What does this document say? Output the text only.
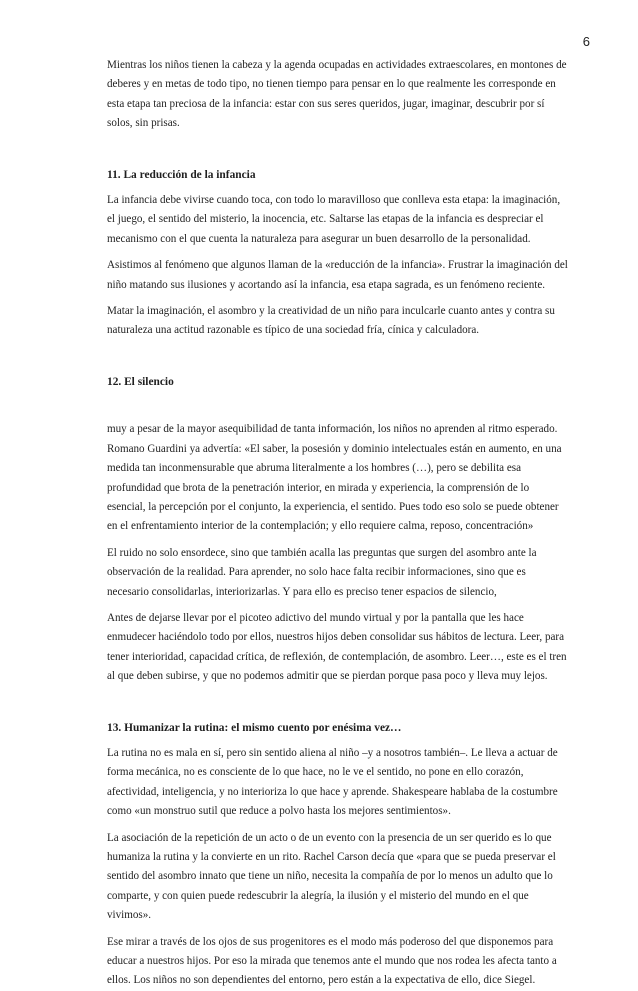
6

Mientras los niños tienen la cabeza y la agenda ocupadas en actividades extraescolares, en montones de deberes y en metas de todo tipo, no tienen tiempo para pensar en lo que realmente les corresponde en esta etapa tan preciosa de la infancia: estar con sus seres queridos, jugar, imaginar, descubrir por sí solos, sin prisas.

11. La reducción de la infancia

La infancia debe vivirse cuando toca, con todo lo maravilloso que conlleva esta etapa: la imaginación, el juego, el sentido del misterio, la inocencia, etc. Saltarse las etapas de la infancia es despreciar el mecanismo con el que cuenta la naturaleza para asegurar un buen desarrollo de la personalidad.

Asistimos al fenómeno que algunos llaman de la «reducción de la infancia». Frustrar la imaginación del niño matando sus ilusiones y acortando así la infancia, esa etapa sagrada, es un fenómeno reciente.

Matar la imaginación, el asombro y la creatividad de un niño para inculcarle cuanto antes y contra su naturaleza una actitud razonable es típico de una sociedad fría, cínica y calculadora.

12. El silencio

muy a pesar de la mayor asequibilidad de tanta información, los niños no aprenden al ritmo esperado. Romano Guardini ya advertía: «El saber, la posesión y dominio intelectuales están en aumento, en una medida tan inconmensurable que abruma literalmente a los hombres (…), pero se debilita esa profundidad que brota de la penetración interior, en mirada y experiencia, la comprensión de lo esencial, la percepción por el conjunto, la experiencia, el sentido. Pues todo eso solo se puede obtener en el enfrentamiento interior de la contemplación; y ello requiere calma, reposo, concentración»

El ruido no solo ensordece, sino que también acalla las preguntas que surgen del asombro ante la observación de la realidad. Para aprender, no solo hace falta recibir informaciones, sino que es necesario consolidarlas, interiorizarlas. Y para ello es preciso tener espacios de silencio,

Antes de dejarse llevar por el picoteo adictivo del mundo virtual y por la pantalla que les hace enmudecer haciéndolo todo por ellos, nuestros hijos deben consolidar sus hábitos de lectura. Leer, para tener interioridad, capacidad crítica, de reflexión, de contemplación, de asombro. Leer…, este es el tren al que deben subirse, y que no podemos admitir que se pierdan porque pasa poco y lleva muy lejos.

13. Humanizar la rutina: el mismo cuento por enésima vez…

La rutina no es mala en sí, pero sin sentido aliena al niño –y a nosotros también–. Le lleva a actuar de forma mecánica, no es consciente de lo que hace, no le ve el sentido, no pone en ello corazón, afectividad, inteligencia, y no interioriza lo que hace y aprende. Shakespeare hablaba de la costumbre como «un monstruo sutil que reduce a polvo hasta los mejores sentimientos».

La asociación de la repetición de un acto o de un evento con la presencia de un ser querido es lo que humaniza la rutina y la convierte en un rito. Rachel Carson decía que «para que se pueda preservar el sentido del asombro innato que tiene un niño, necesita la compañía de por lo menos un adulto que lo comparte, y con quien puede redescubrir la alegría, la ilusión y el misterio del mundo en el que vivimos».

Ese mirar a través de los ojos de sus progenitores es el modo más poderoso del que disponemos para educar a nuestros hijos. Por eso la mirada que tenemos ante el mundo que nos rodea les afecta tanto a ellos. Los niños no son dependientes del entorno, pero están a la expectativa de ello, dice Siegel.
